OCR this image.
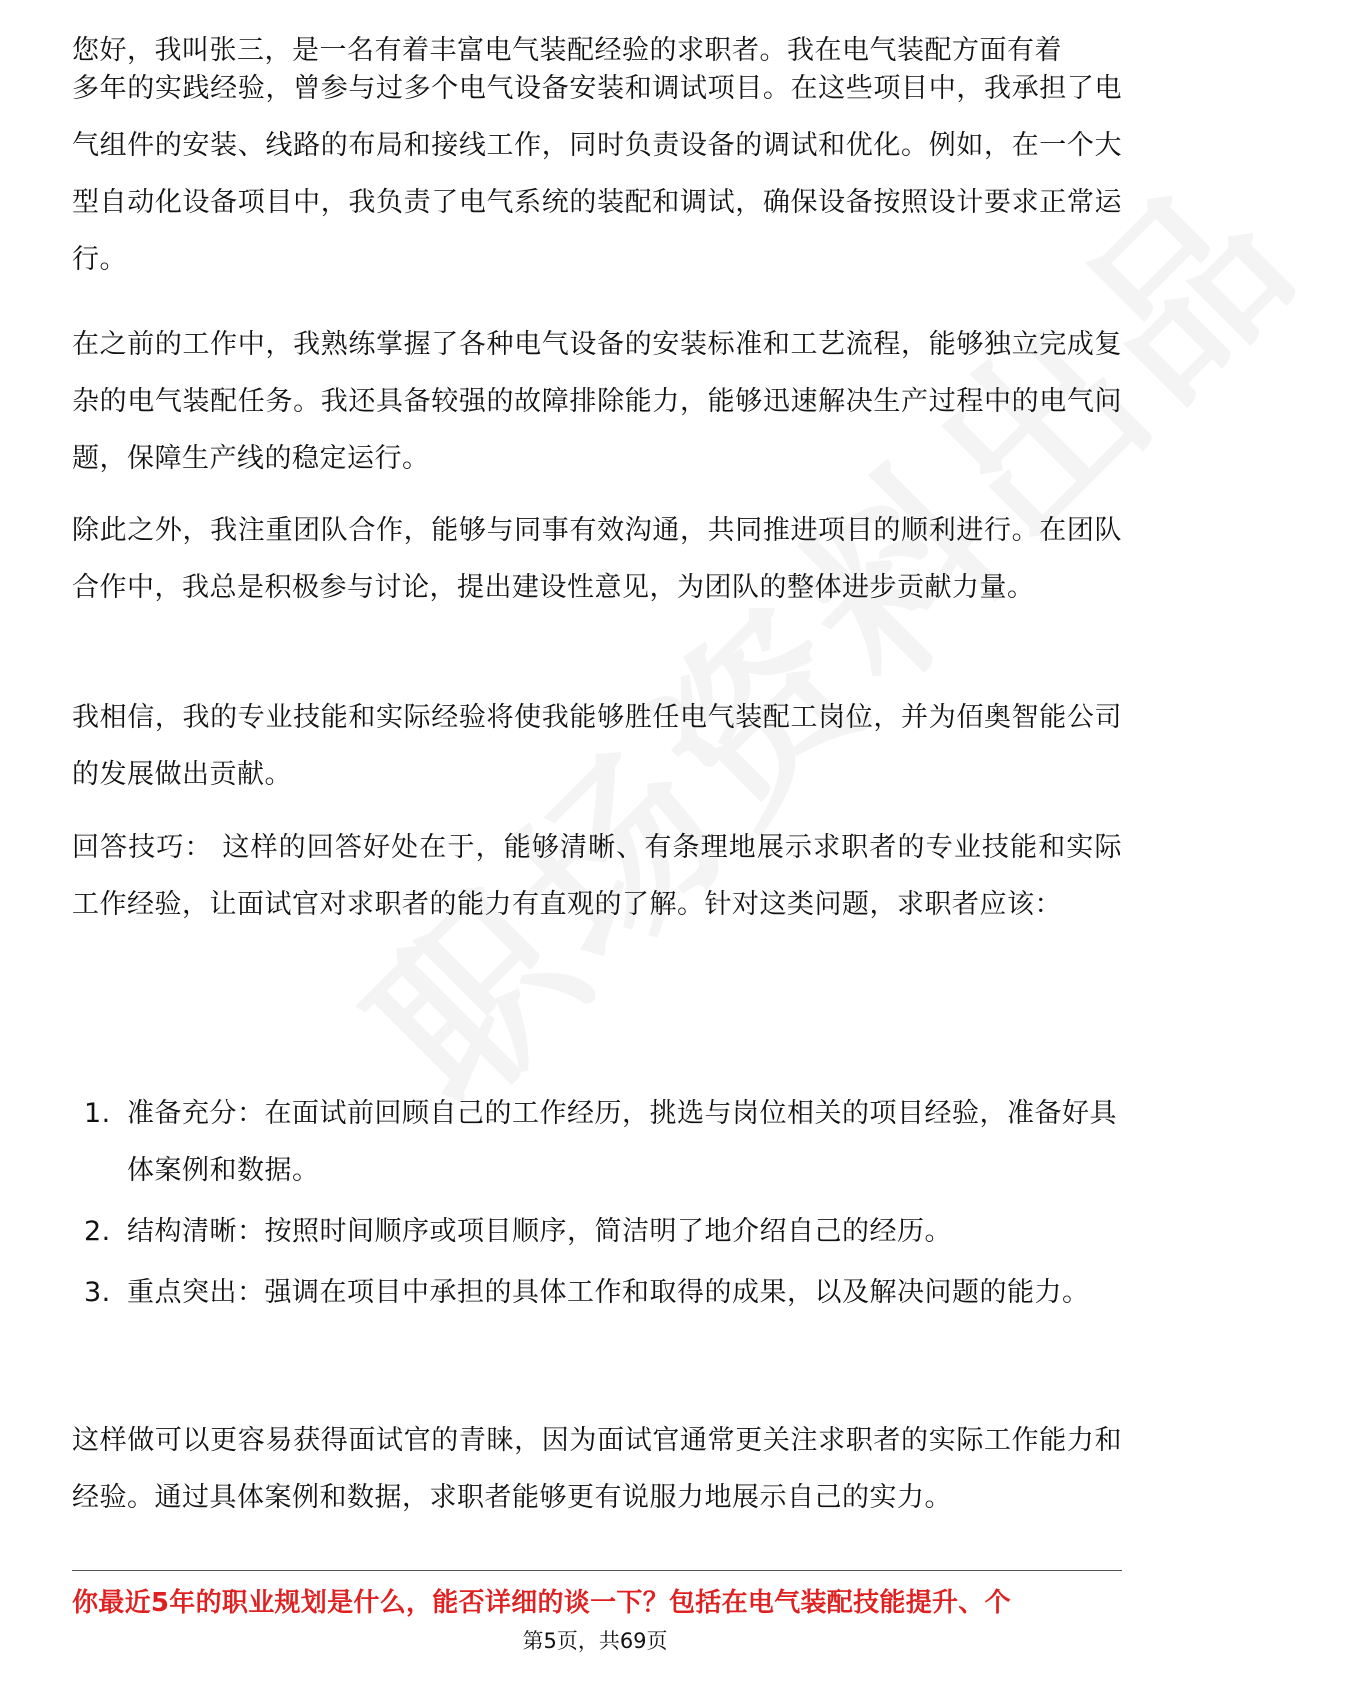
您好，我叫张三，是一名有着丰富电气装配经验的求职者。我在电气装配方面有着

多年的实践经验，曾参与过多个电气设备安装和调试项目。在这些项目中，我承担了电气组件的安装、线路的布局和接线工作，同时负责设备的调试和优化。例如，在一个大型自动化设备项目中，我负责了电气系统的装配和调试，确保设备按照设计要求正常运行。

在之前的工作中，我熟练掌握了各种电气设备的安装标准和工艺流程，能够独立完成复杂的电气装配任务。我还具备较强的故障排除能力，能够迅速解决生产过程中的电气问题，保障生产线的稳定运行。

除此之外，我注重团队合作，能够与同事有效沟通，共同推进项目的顺利进行。在团队合作中，我总是积极参与讨论，提出建设性意见，为团队的整体进步贡献力量。

我相信，我的专业技能和实际经验将使我能够胜任电气装配工岗位，并为佰奥智能公司的发展做出贡献。

回答技巧： 这样的回答好处在于，能够清晰、有条理地展示求职者的专业技能和实际工作经验，让面试官对求职者的能力有直观的了解。针对这类问题，求职者应该：

1. 准备充分：在面试前回顾自己的工作经历，挑选与岗位相关的项目经验，准备好具体案例和数据。
2. 结构清晰：按照时间顺序或项目顺序，简洁明了地介绍自己的经历。
3. 重点突出：强调在项目中承担的具体工作和取得的成果，以及解决问题的能力。

这样做可以更容易获得面试官的青睐，因为面试官通常更关注求职者的实际工作能力和经验。通过具体案例和数据，求职者能够更有说服力地展示自己的实力。

你最近5年的职业规划是什么，能否详细的谈一下？包括在电气装配技能提升、个
第5页，共69页
